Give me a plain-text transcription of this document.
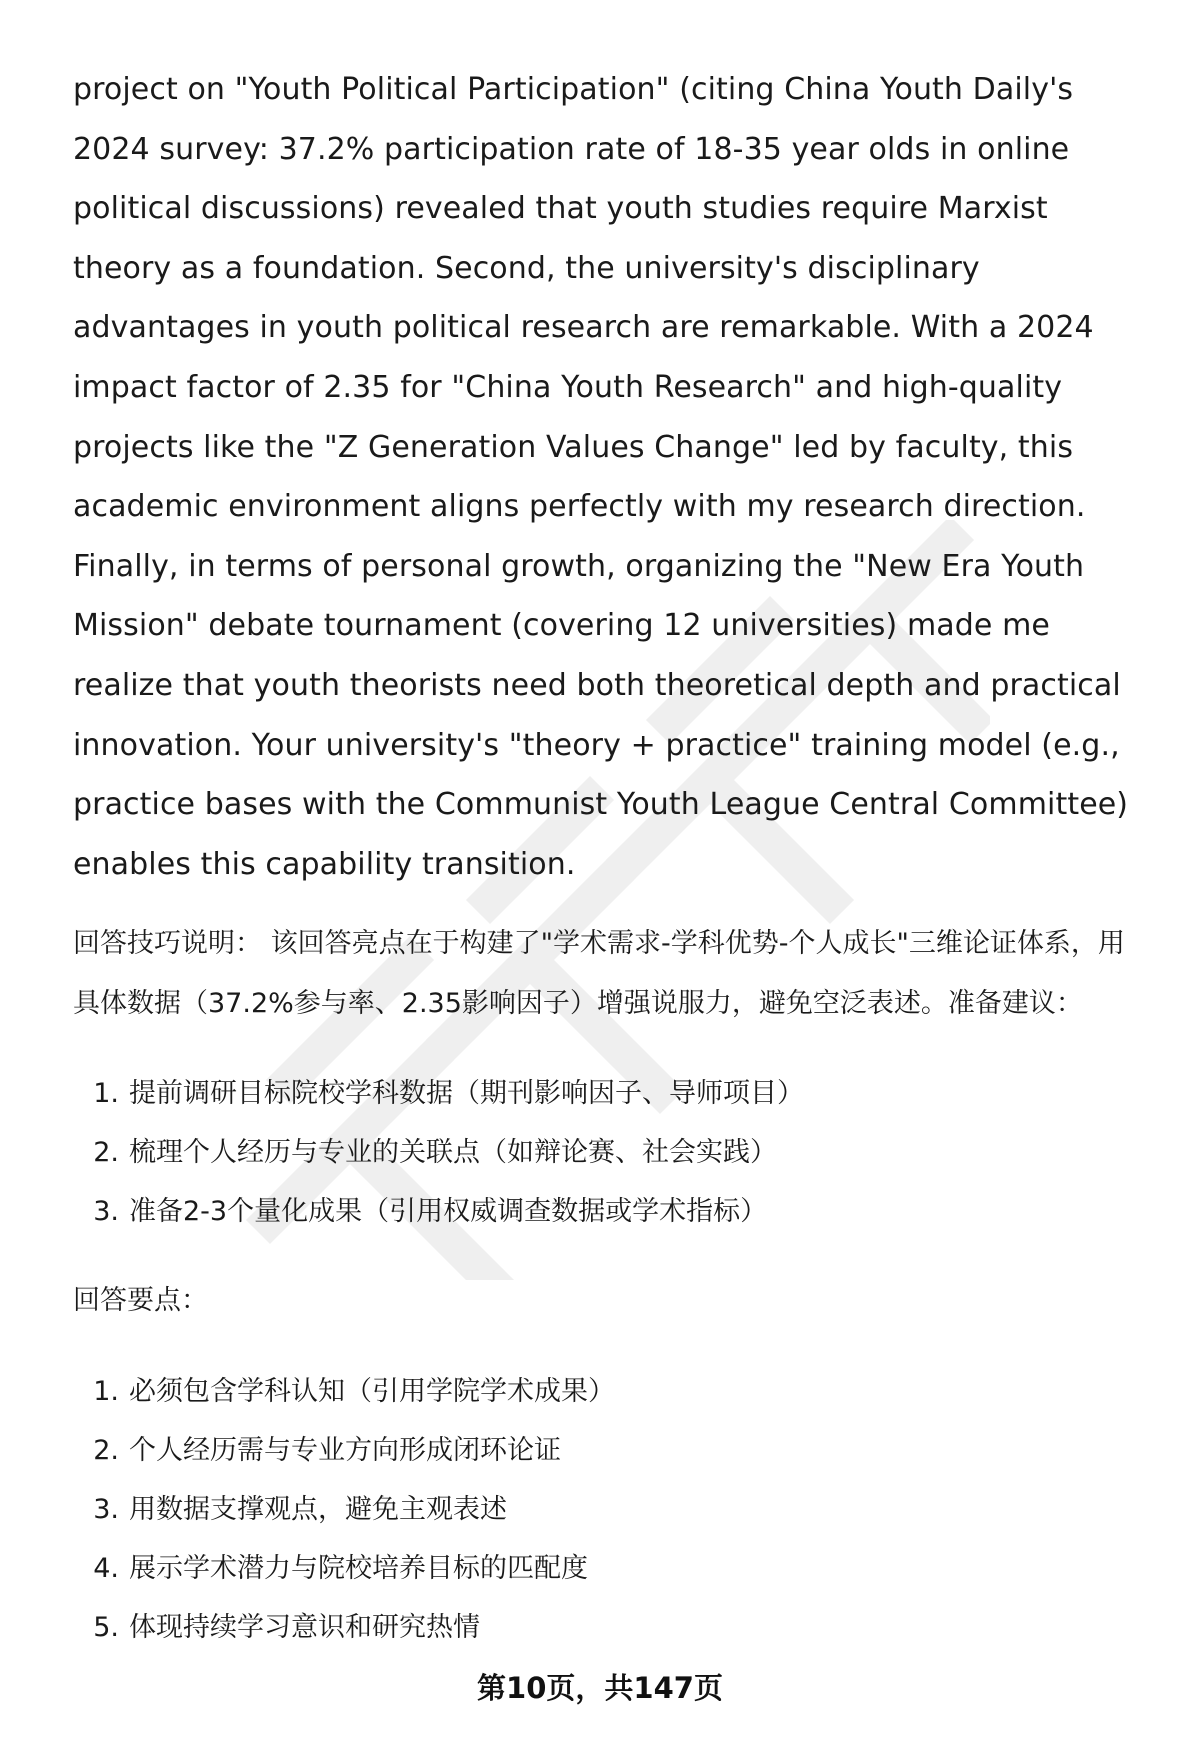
project on "Youth Political Participation" (citing China Youth Daily's 2024 survey: 37.2% participation rate of 18-35 year olds in online political discussions) revealed that youth studies require Marxist theory as a foundation. Second, the university's disciplinary advantages in youth political research are remarkable. With a 2024 impact factor of 2.35 for "China Youth Research" and high-quality projects like the "Z Generation Values Change" led by faculty, this academic environment aligns perfectly with my research direction. Finally, in terms of personal growth, organizing the "New Era Youth Mission" debate tournament (covering 12 universities) made me realize that youth theorists need both theoretical depth and practical innovation. Your university's "theory + practice" training model (e.g., practice bases with the Communist Youth League Central Committee) enables this capability transition.

回答技巧说明： 该回答亮点在于构建了"学术需求-学科优势-个人成长"三维论证体系，用具体数据（37.2%参与率、2.35影响因子）增强说服力，避免空泛表述。准备建议：

1. 提前调研目标院校学科数据（期刊影响因子、导师项目）
2. 梳理个人经历与专业的关联点（如辩论赛、社会实践）
3. 准备2-3个量化成果（引用权威调查数据或学术指标）

回答要点：

1. 必须包含学科认知（引用学院学术成果）
2. 个人经历需与专业方向形成闭环论证
3. 用数据支撑观点，避免主观表述
4. 展示学术潜力与院校培养目标的匹配度
5. 体现持续学习意识和研究热情
第10页，共147页
